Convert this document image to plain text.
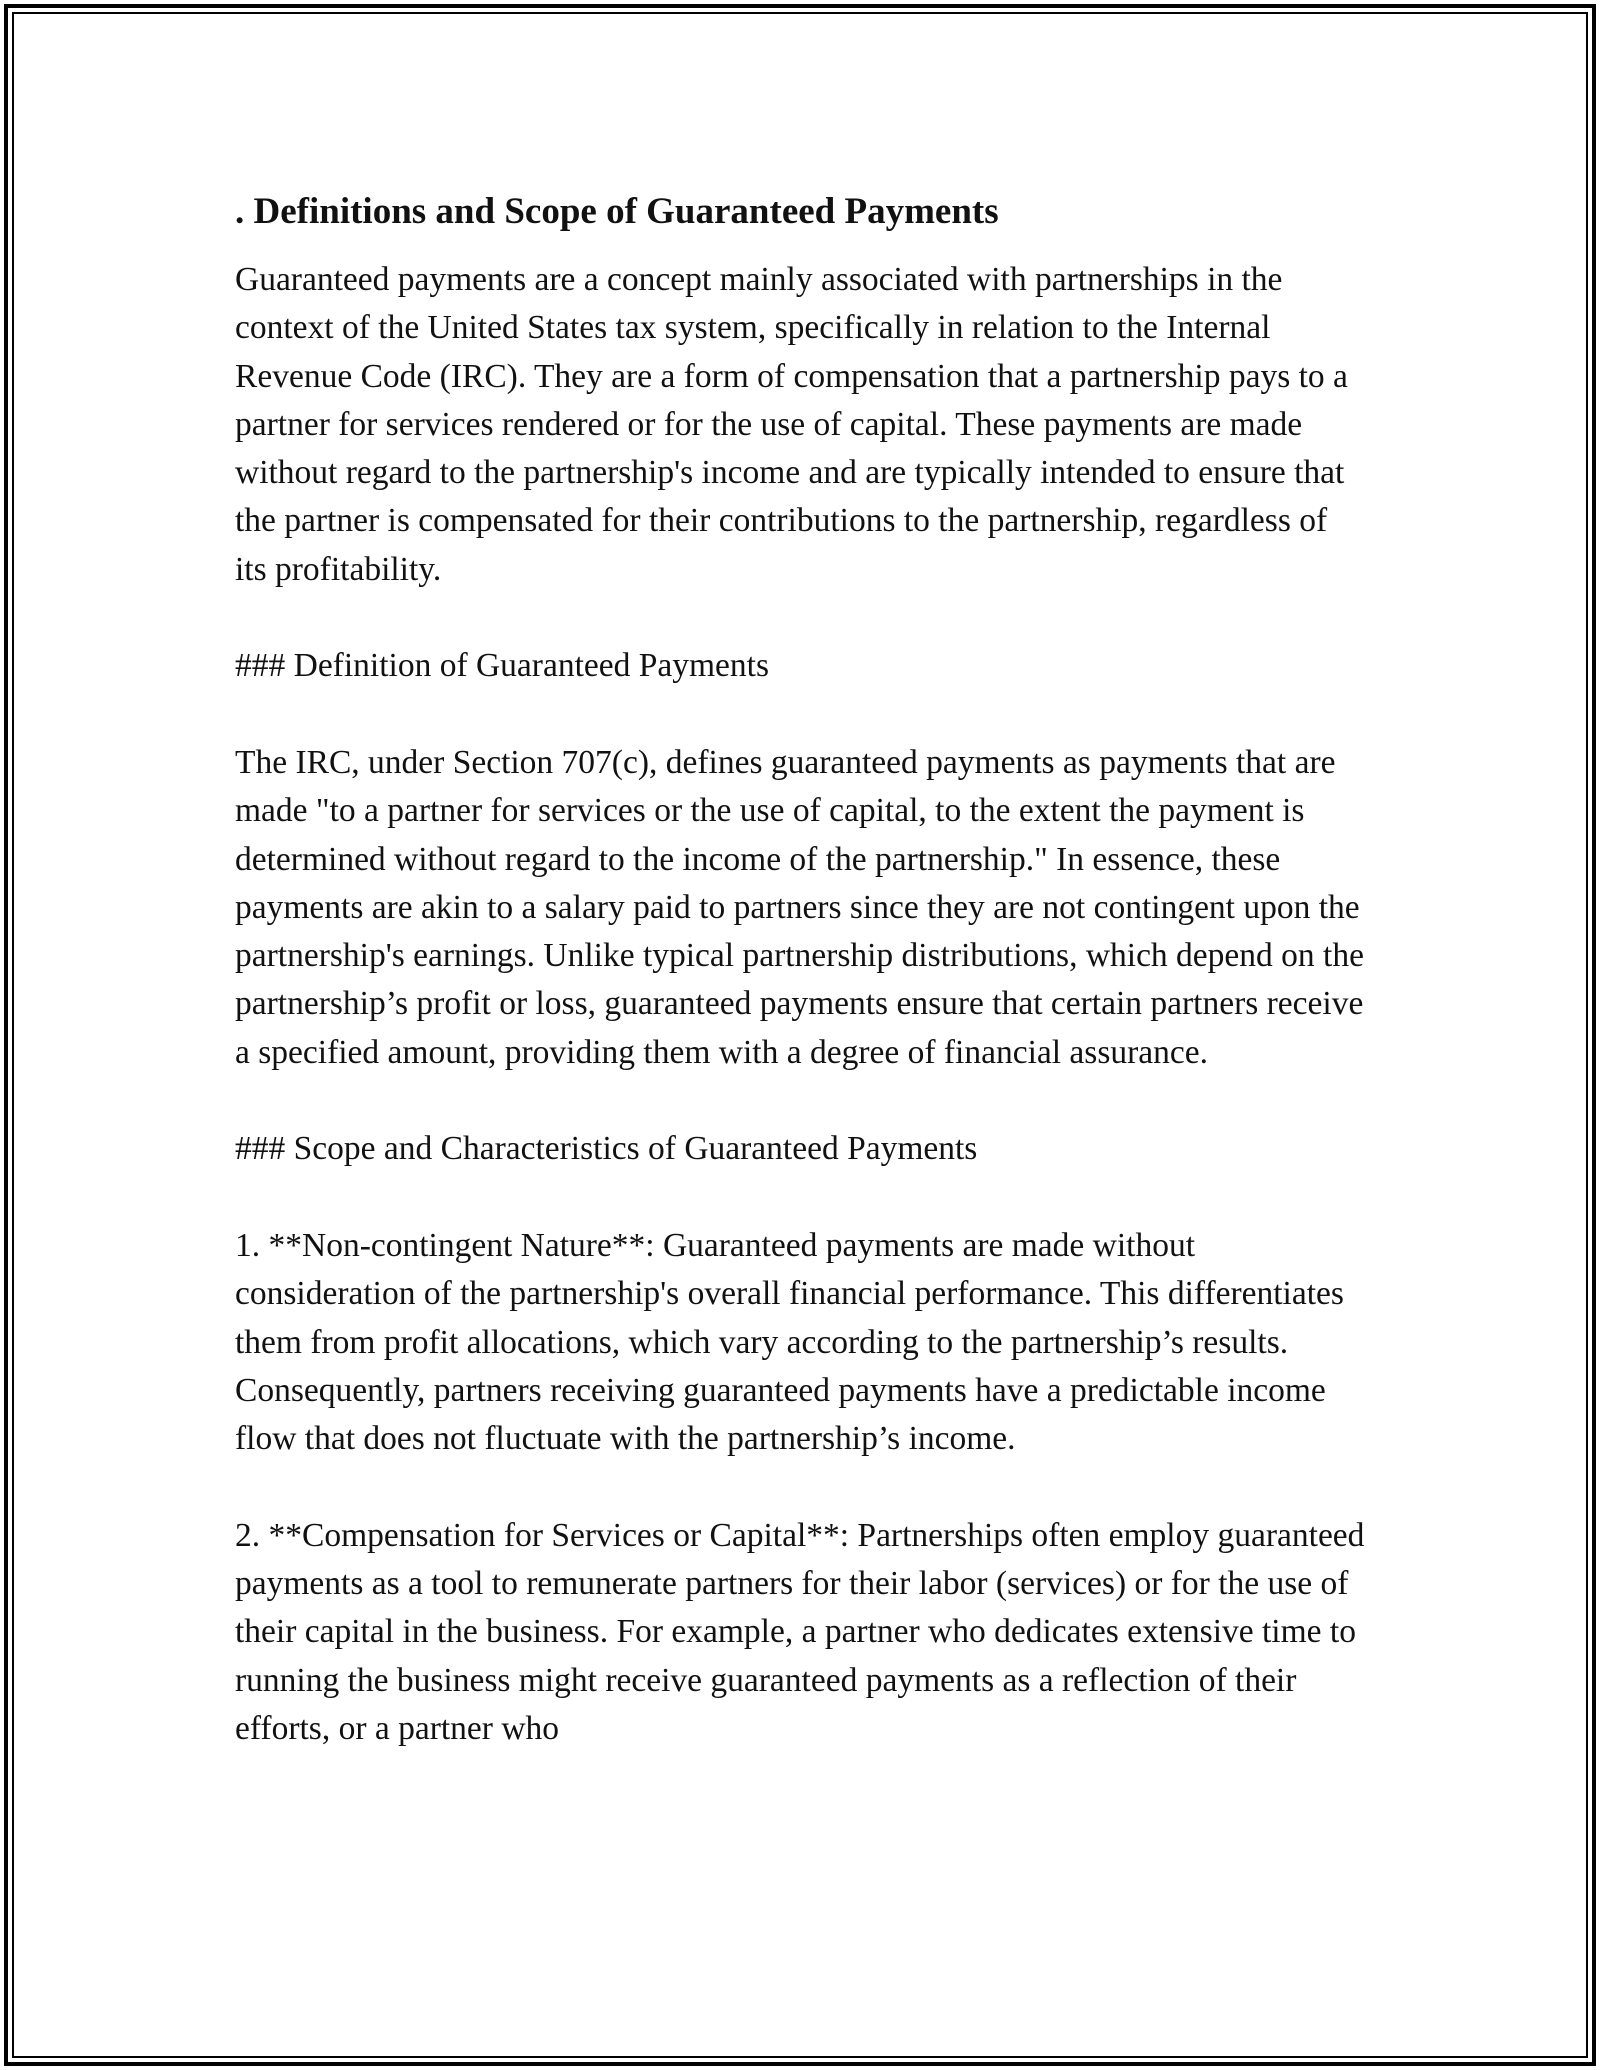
. Definitions and Scope of Guaranteed Payments

Guaranteed payments are a concept mainly associated with partnerships in the context of the United States tax system, specifically in relation to the Internal Revenue Code (IRC). They are a form of compensation that a partnership pays to a partner for services rendered or for the use of capital. These payments are made without regard to the partnership's income and are typically intended to ensure that the partner is compensated for their contributions to the partnership, regardless of its profitability.

### Definition of Guaranteed Payments

The IRC, under Section 707(c), defines guaranteed payments as payments that are made "to a partner for services or the use of capital, to the extent the payment is determined without regard to the income of the partnership." In essence, these payments are akin to a salary paid to partners since they are not contingent upon the partnership's earnings. Unlike typical partnership distributions, which depend on the partnership’s profit or loss, guaranteed payments ensure that certain partners receive a specified amount, providing them with a degree of financial assurance.

### Scope and Characteristics of Guaranteed Payments

1. **Non-contingent Nature**: Guaranteed payments are made without consideration of the partnership's overall financial performance. This differentiates them from profit allocations, which vary according to the partnership’s results. Consequently, partners receiving guaranteed payments have a predictable income flow that does not fluctuate with the partnership’s income.

2. **Compensation for Services or Capital**: Partnerships often employ guaranteed payments as a tool to remunerate partners for their labor (services) or for the use of their capital in the business. For example, a partner who dedicates extensive time to running the business might receive guaranteed payments as a reflection of their efforts, or a partner who
